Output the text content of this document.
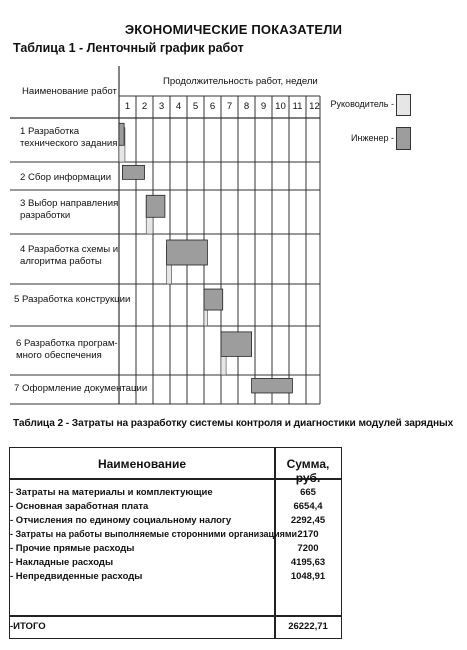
ЭКОНОМИЧЕСКИЕ ПОКАЗАТЕЛИ
Таблица 1 - Ленточный график работ
Наименование работ
Продолжительность работ, недели
1 Разработка
технического задания
2 Сбор информации
3 Выбор направления
разработки
4 Разработка схемы и
алгоритма работы
5 Разработка конструкции
6 Разработка програм-
много обеспечения
7 Оформление документации
Руководитель -
Инженер -
1	2	3	4	5	6	7	8	9 10 11 12
Таблица 2 - Затраты на разработку системы контроля и диагностики модулей зарядных
Наименование	Сумма, руб.
- Затраты на материалы и комплектующие	665
- Основная заработная плата	6654,4
- Отчисления по единому социальному налогу	2292,45
- Затраты на работы выполняемые сторонними организациями 2170
- Прочие прямые расходы	7200
- Накладные расходы	4195,63
- Непредвиденные расходы	1048,91
-ИТОГО	26222,71
